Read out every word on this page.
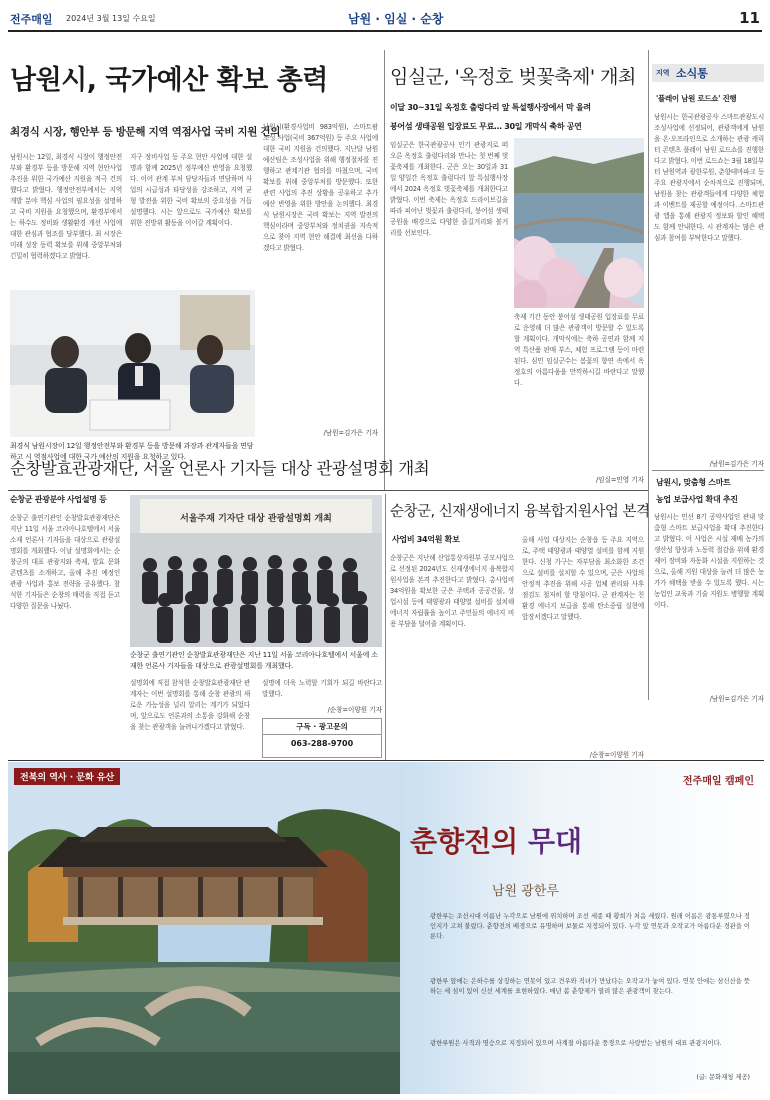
전주매일 2024년 3월 13일 수요일	남원 · 임실 · 순창	11
남원시, 국가예산 확보 총력
최경식 시장, 행안부 등 방문해 지역 역점사업 국비 지원 건의
남원시는 12일, 최경식 시장이 행정안전부와 환경부 등을 방문해 지역 현안사업 추진을 위한 국가예산 지원을 적극 건의했다고 밝혔다. 행정안전부에서는 지역개발 분야 핵심 사업의 필요성을 설명하고 국비 지원을 요청했으며, 환경부에서는 하수도 정비와 생활환경 개선 사업에 대한 관심과 협조를 당부했다. 최 시장은 미래 성장 동력 확보를 위해 중앙부처와 긴밀히 협력하겠다고 밝혔다.
지구 정비사업 등 주요 현안 사업에 대한 설명과 함께 2025년 정부예산 반영을 요청했다. 이어 관계 부처 담당자들과 면담하며 사업의 시급성과 타당성을 강조하고, 지역 균형 발전을 위한 국비 확보의 중요성을 거듭 설명했다. 시는 앞으로도 국가예산 확보를 위한 전방위 활동을 이어갈 계획이다.
남원시(환경사업비 983억원), 스마트팜 조성 사업(국비 367억원) 등 주요 사업에 대한 국비 지원을 건의했다. 지난달 남원 예산팀은 조성사업을 위해 행정절차를 진행하고 관계기관 협의를 마쳤으며, 국비 확보를 위해 중앙부처를 방문했다. 또한 관련 사업의 추진 상황을 공유하고 추가 예산 반영을 위한 방안을 논의했다. 최경식 남원시장은 국비 확보는 지역 발전의 핵심이라며 중앙부처와 정치권을 지속적으로 찾아 지역 현안 해결에 최선을 다하겠다고 밝혔다.
최경식 남원시장이 12일 행정안전부와 환경부 등을 방문해 과장과 관계자들을 면담하고 시 역점사업에 대한 국가 예산의 지원을 요청하고 있다.
/남원=김가은 기자
임실군, '옥정호 벚꽃축제' 개최
이달 30~31일 옥정호 출렁다리 앞 특설행사장에서 막 올려
붕어섬 생태공원 입장료도 무료… 30일 개막식 축하 공연
임실군은 한국관광공사 인기 관광지로 떠오른 옥정호 출렁다리와 만나는 첫 번째 벚꽃축제를 개최한다. 군은 오는 30일과 31일 양일간 옥정호 출렁다리 앞 특설행사장에서 2024 옥정호 벚꽃축제를 개최한다고 밝혔다. 이번 축제는 옥정호 드라이브길을 따라 피어난 벚꽃과 출렁다리, 붕어섬 생태공원을 배경으로 다양한 즐길거리와 볼거리를 선보인다.
축제 기간 동안 붕어섬 생태공원 입장료를 무료로 운영해 더 많은 관광객이 방문할 수 있도록 할 계획이다. 개막식에는 축하 공연과 함께 지역 특산품 판매 부스, 체험 프로그램 등이 마련된다. 심민 임실군수는 봄꽃의 향연 속에서 옥정호의 아름다움을 만끽하시길 바란다고 말했다.
/임실=민영 기자
지역 소식통
'플레이 남원 로드쇼' 진행
남원시는 한국관광공사 스마트관광도시 조성사업에 선정되어, 관광객에게 남원을 온·오프라인으로 소개하는 관광 캐릭터 콘텐츠 플레이 남원 로드쇼를 진행한다고 밝혔다. 이번 로드쇼는 3월 18일부터 남원역과 광한루원, 춘향테마파크 등 주요 관광지에서 순차적으로 진행되며, 남원을 찾는 관광객들에게 다양한 체험과 이벤트를 제공할 예정이다. 스마트관광 앱을 통해 관광지 정보와 할인 혜택도 함께 안내한다. 시 관계자는 많은 관심과 참여를 부탁한다고 말했다.
/남원=김가은 기자
남원시, 맞춤형 스마트
농업 보급사업 확대 추진
남원시는 민선 8기 공약사업인 관내 맞춤형 스마트 보급사업을 확대 추진한다고 밝혔다. 이 사업은 시설 재배 농가의 생산성 향상과 노동력 절감을 위해 환경 제어 장비와 자동화 시설을 지원하는 것으로, 올해 지원 대상을 늘려 더 많은 농가가 혜택을 받을 수 있도록 했다. 시는 농업인 교육과 기술 지원도 병행할 계획이다.
/남원=김가은 기자
순창발효관광재단, 서울 언론사 기자들 대상 관광설명회 개최
순창군 관광분야 사업설명 등
순창군 출연기관인 순창발효관광재단은 지난 11일 서울 코리아나호텔에서 서울 소재 언론사 기자들을 대상으로 관광설명회를 개최했다. 이날 설명회에서는 순창군의 대표 관광지와 축제, 발효 문화 콘텐츠를 소개하고, 올해 추진 예정인 관광 사업과 홍보 전략을 공유했다. 참석한 기자들은 순창의 매력을 직접 듣고 다양한 질문을 나눴다.
서울주재 기자단 대상 관광설명회 개최
순창군 출연기관인 순창발효관광재단은 지난 11일 서울 코리아나호텔에서 서울에 소재한 언론사 기자들을 대상으로 관광설명회를 개최했다.
설명회에 직접 참석한 순창발효관광재단 관계자는 이번 설명회를 통해 순창 관광의 새로운 가능성을 널리 알리는 계기가 되었다며, 앞으로도 언론과의 소통을 강화해 순창을 찾는 관광객을 늘려나가겠다고 밝혔다.
설명에 더욱 노력할 기회가 되길 바란다고 말했다.
/순창=이양원 기자
구독 · 광고문의
063-288-9700
순창군, 신재생에너지 융복합지원사업 본격
사업비 34억원 확보
순창군은 지난해 산업통상자원부 공모사업으로 선정된 2024년도 신재생에너지 융복합지원사업을 본격 추진한다고 밝혔다. 총사업비 34억원을 확보한 군은 주택과 공공건물, 상업시설 등에 태양광과 태양열 설비를 설치해 에너지 자립률을 높이고 주민들의 에너지 비용 부담을 덜어줄 계획이다.
올해 사업 대상지는 순창읍 등 주요 지역으로, 주택 태양광과 태양열 설비를 함께 지원한다. 신청 가구는 자부담을 최소화한 조건으로 설비를 설치할 수 있으며, 군은 사업의 안정적 추진을 위해 시공 업체 관리와 사후 점검도 철저히 할 방침이다. 군 관계자는 친환경 에너지 보급을 통해 탄소중립 실현에 앞장서겠다고 말했다.
/순창=이양원 기자
전북의 역사 · 문화 유산	전주매일 캠페인
춘향전의 무대
남원 광한루
광한루는 조선시대 이름난 누각으로 남원에 위치하며 조선 세종 때 황희가 처음 세웠다. 원래 이름은 광통루였으나 정인지가 고쳐 불렀다. 춘향전의 배경으로 유명하며 보물로 지정되어 있다. 누각 앞 연못과 오작교가 아름다운 경관을 이룬다.
광한루 앞에는 은하수를 상징하는 연못이 있고 견우와 직녀가 만났다는 오작교가 놓여 있다. 연못 안에는 삼신산을 뜻하는 세 섬이 있어 신선 세계를 표현하였다. 매년 봄 춘향제가 열려 많은 관광객이 찾는다.
광한루원은 사적과 명승으로 지정되어 있으며 사계절 아름다운 풍경으로 사랑받는 남원의 대표 관광지이다.
(글: 문화재청 제공)
